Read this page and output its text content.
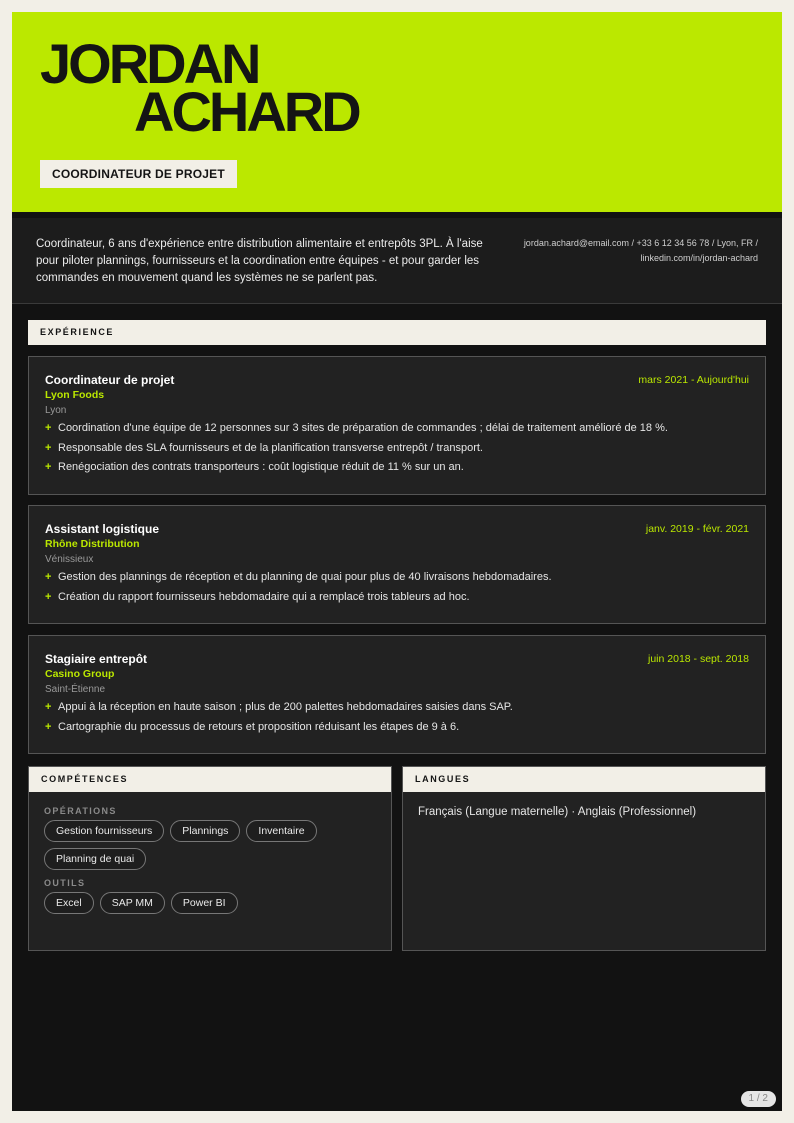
JORDAN
ACHARD
COORDINATEUR DE PROJET

Coordinateur, 6 ans d'expérience entre distribution alimentaire et entrepôts 3PL. À l'aise pour piloter plannings, fournisseurs et la coordination entre équipes - et pour garder les commandes en mouvement quand les systèmes ne se parlent pas.

jordan.achard@email.com / +33 6 12 34 56 78 / Lyon, FR / linkedin.com/in/jordan-achard

EXPÉRIENCE
Coordinateur de projet	mars 2021 - Aujourd'hui
Lyon Foods
Lyon
+ Coordination d'une équipe de 12 personnes sur 3 sites de préparation de commandes ; délai de traitement amélioré de 18 %.
+ Responsable des SLA fournisseurs et de la planification transverse entrepôt / transport.
+ Renégociation des contrats transporteurs : coût logistique réduit de 11 % sur un an.
Assistant logistique	janv. 2019 - févr. 2021
Rhône Distribution
Vénissieux
+ Gestion des plannings de réception et du planning de quai pour plus de 40 livraisons hebdomadaires.
+ Création du rapport fournisseurs hebdomadaire qui a remplacé trois tableurs ad hoc.
Stagiaire entrepôt	juin 2018 - sept. 2018
Casino Group
Saint-Étienne
+ Appui à la réception en haute saison ; plus de 200 palettes hebdomadaires saisies dans SAP.
+ Cartographie du processus de retours et proposition réduisant les étapes de 9 à 6.
COMPÉTENCES
OPÉRATIONS
Gestion fournisseurs	Plannings	Inventaire
Planning de quai
OUTILS
Excel	SAP MM	Power BI
LANGUES

Français (Langue maternelle) · Anglais (Professionnel)

1 / 2
